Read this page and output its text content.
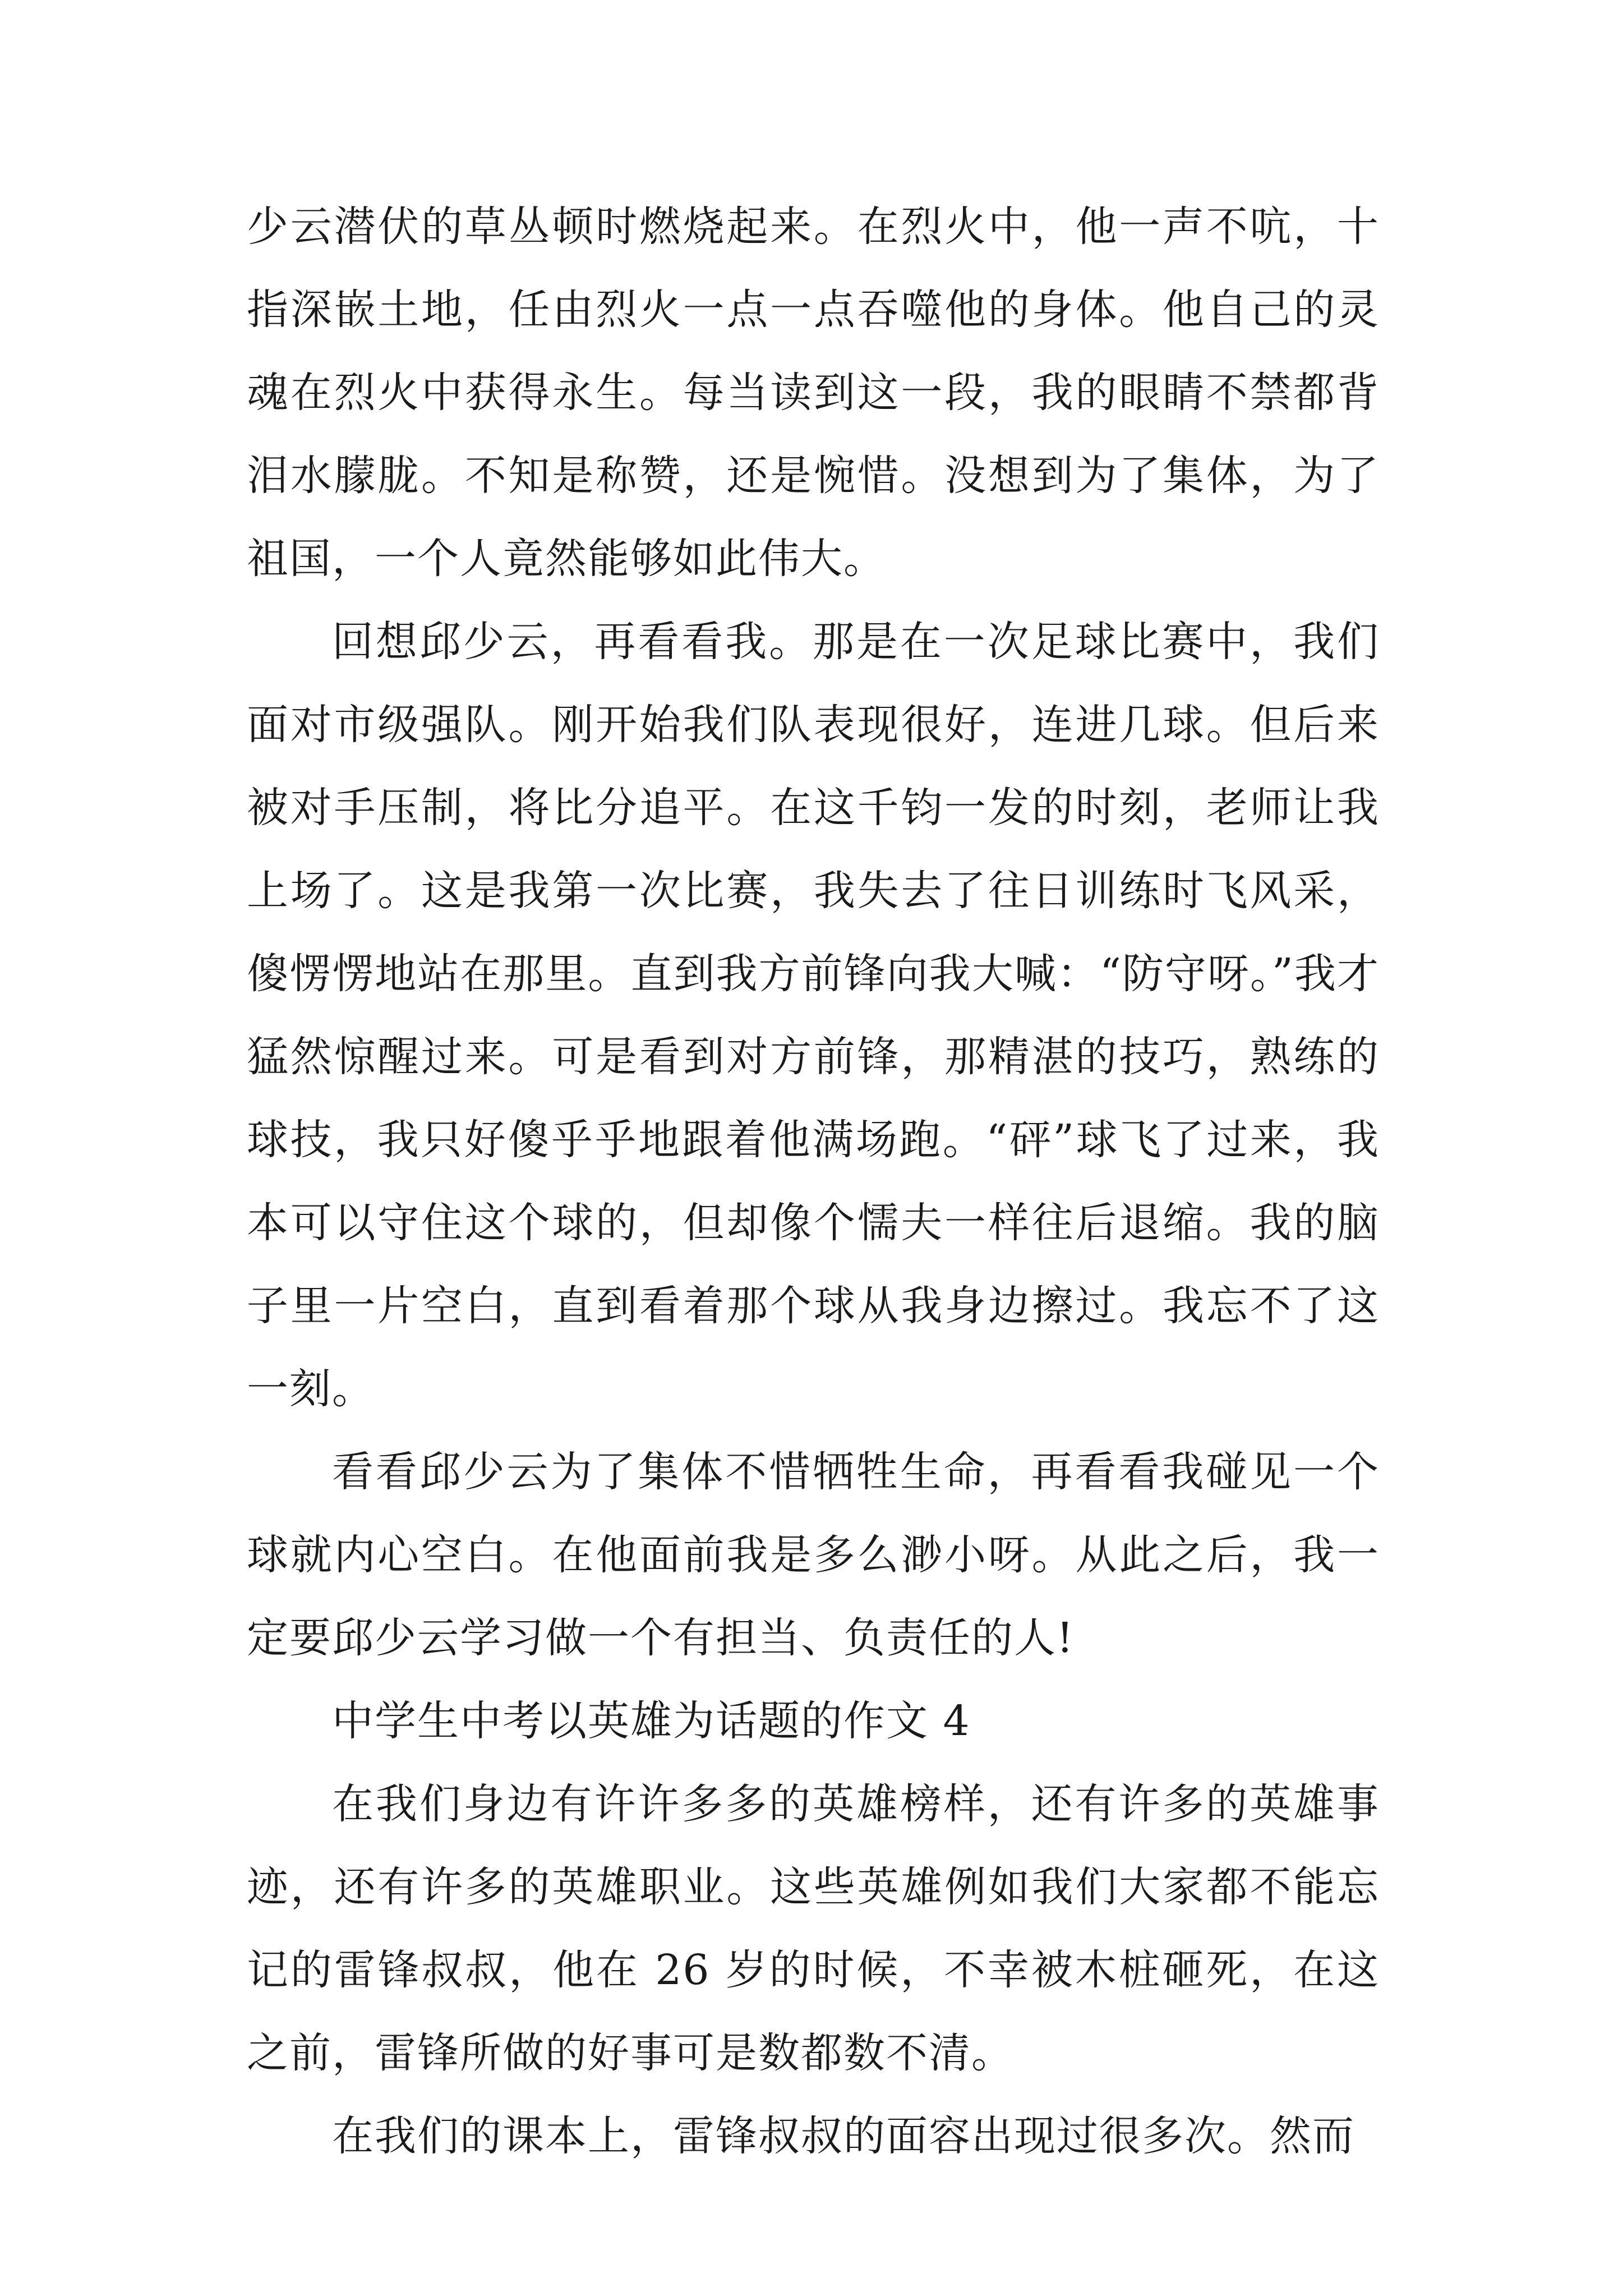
少云潜伏的草丛顿时燃烧起来。在烈火中，他一声不吭，十指深嵌土地，任由烈火一点一点吞噬他的身体。他自己的灵魂在烈火中获得永生。每当读到这一段，我的眼睛不禁都背泪水朦胧。不知是称赞，还是惋惜。没想到为了集体，为了祖国，一个人竟然能够如此伟大。

回想邱少云，再看看我。那是在一次足球比赛中，我们面对市级强队。刚开始我们队表现很好，连进几球。但后来被对手压制，将比分追平。在这千钧一发的时刻，老师让我上场了。这是我第一次比赛，我失去了往日训练时飞风采，傻愣愣地站在那里。直到我方前锋向我大喊：“防守呀。”我才猛然惊醒过来。可是看到对方前锋，那精湛的技巧，熟练的球技，我只好傻乎乎地跟着他满场跑。“砰”球飞了过来，我本可以守住这个球的，但却像个懦夫一样往后退缩。我的脑子里一片空白，直到看着那个球从我身边擦过。我忘不了这一刻。

看看邱少云为了集体不惜牺牲生命，再看看我碰见一个球就内心空白。在他面前我是多么渺小呀。从此之后，我一定要邱少云学习做一个有担当、负责任的人!

中学生中考以英雄为话题的作文 4

在我们身边有许许多多的英雄榜样，还有许多的英雄事迹，还有许多的英雄职业。这些英雄例如我们大家都不能忘记的雷锋叔叔，他在 26 岁的时候，不幸被木桩砸死，在这之前，雷锋所做的好事可是数都数不清。

在我们的课本上，雷锋叔叔的面容出现过很多次。然而
